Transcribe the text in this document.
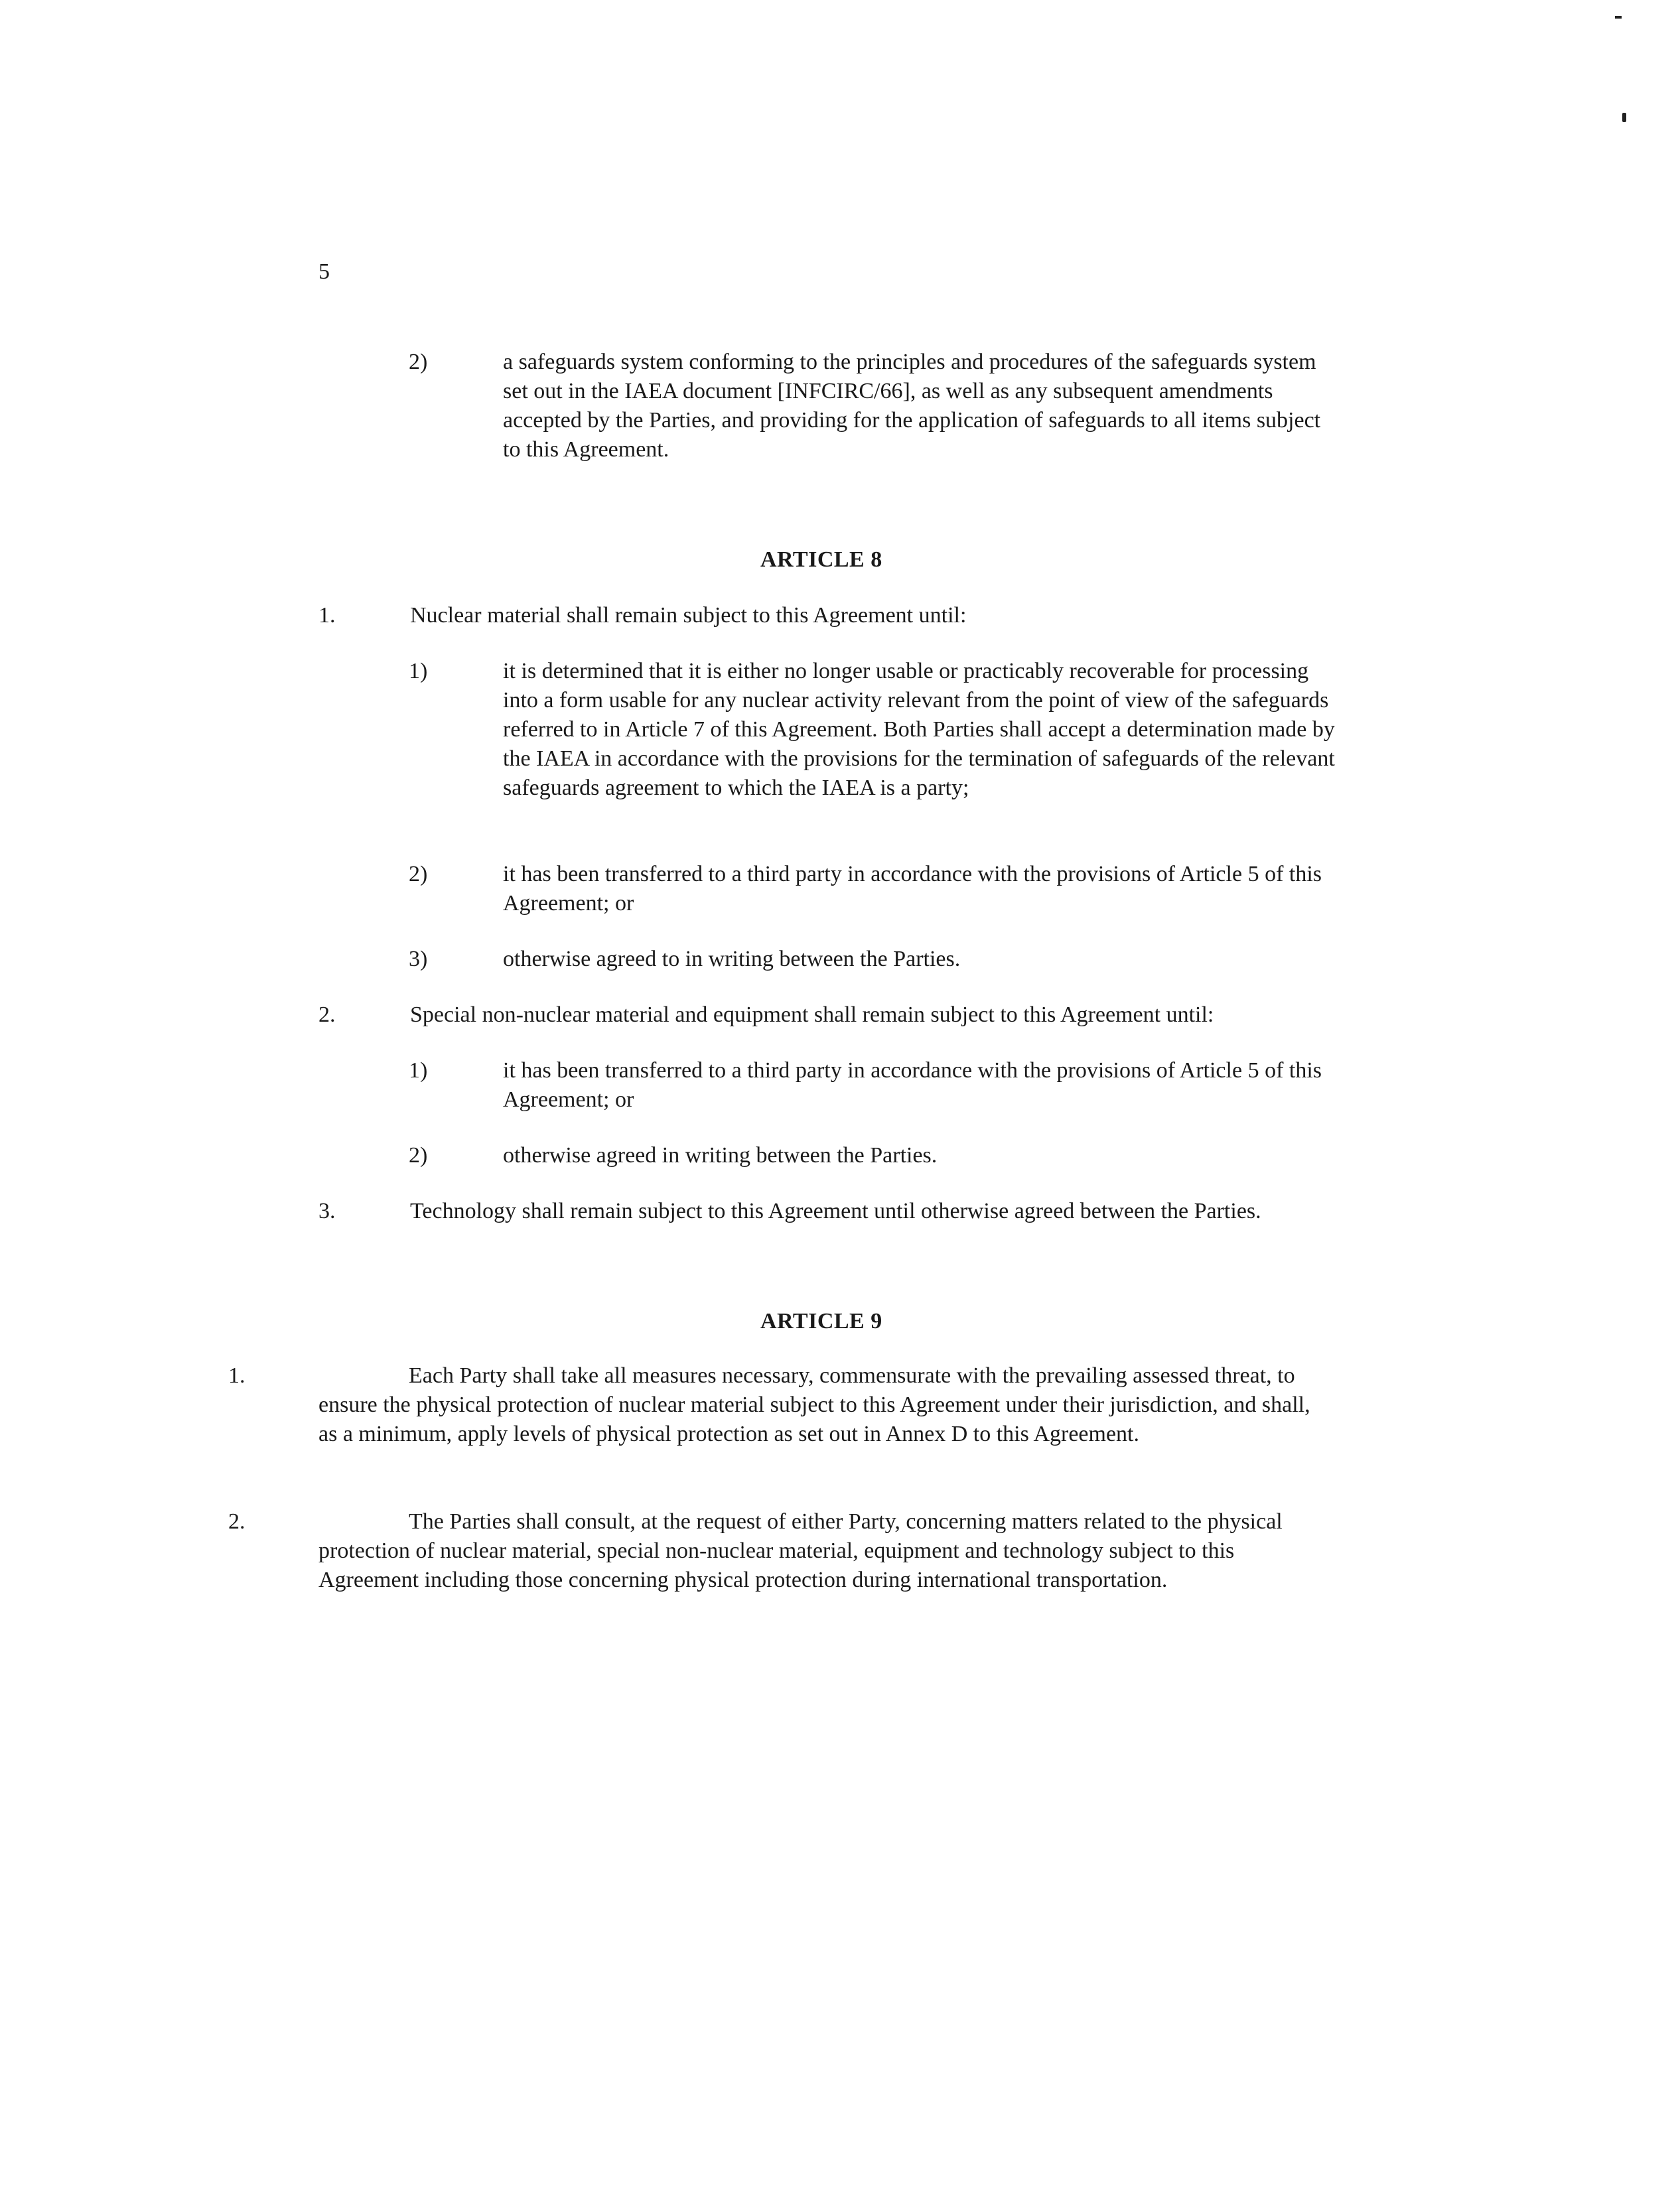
5
2)	a safeguards system conforming to the principles and procedures of the safeguards system set out in the IAEA document [INFCIRC/66], as well as any subsequent amendments accepted by the Parties, and providing for the application of safeguards to all items subject to this Agreement.
ARTICLE 8
1.	Nuclear material shall remain subject to this Agreement until:
1)	it is determined that it is either no longer usable or practicably recoverable for processing into a form usable for any nuclear activity relevant from the point of view of the safeguards referred to in Article 7 of this Agreement. Both Parties shall accept a determination made by the IAEA in accordance with the provisions for the termination of safeguards of the relevant safeguards agreement to which the IAEA is a party;
2)	it has been transferred to a third party in accordance with the provisions of Article 5 of this Agreement; or
3)	otherwise agreed to in writing between the Parties.
2.	Special non-nuclear material and equipment shall remain subject to this Agreement until:
1)	it has been transferred to a third party in accordance with the provisions of Article 5 of this Agreement; or
2)	otherwise agreed in writing between the Parties.
3.	Technology shall remain subject to this Agreement until otherwise agreed between the Parties.
ARTICLE 9
1.	Each Party shall take all measures necessary, commensurate with the prevailing assessed threat, to ensure the physical protection of nuclear material subject to this Agreement under their jurisdiction, and shall, as a minimum, apply levels of physical protection as set out in Annex D to this Agreement.
2.	The Parties shall consult, at the request of either Party, concerning matters related to the physical protection of nuclear material, special non-nuclear material, equipment and technology subject to this Agreement including those concerning physical protection during international transportation.
